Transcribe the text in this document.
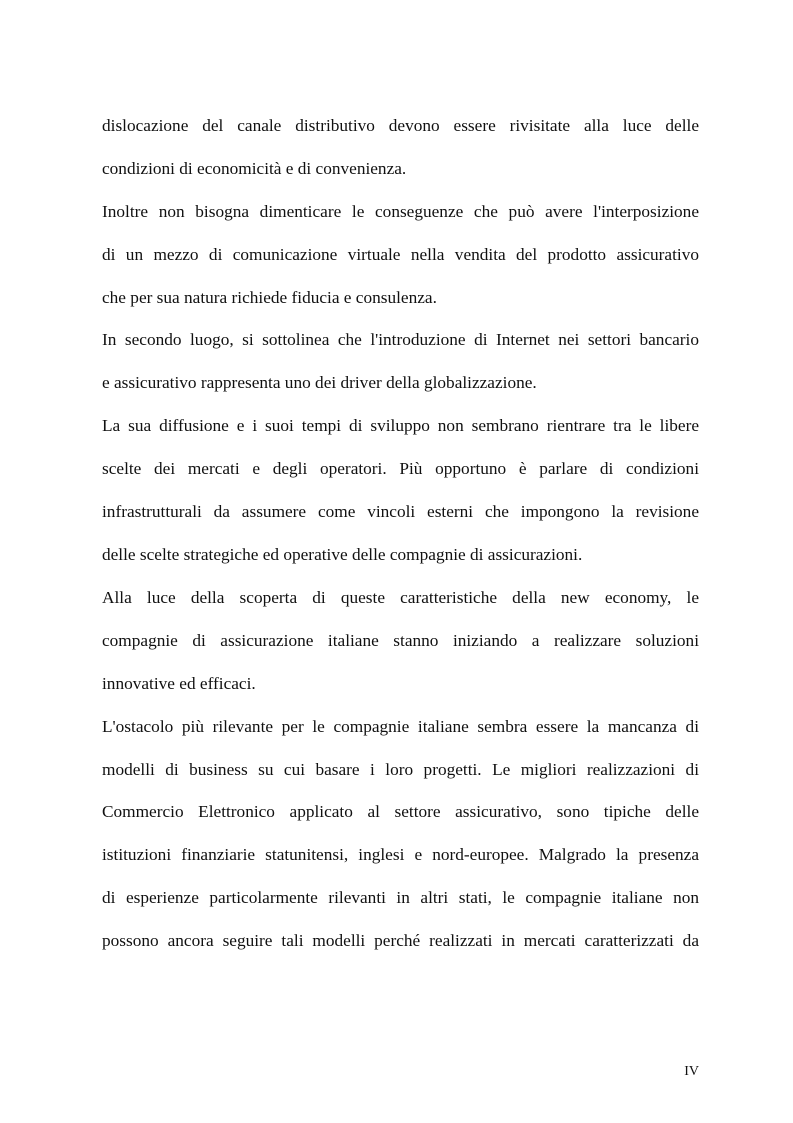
dislocazione del canale distributivo devono essere rivisitate alla luce delle
condizioni di economicità e di convenienza.
Inoltre non bisogna dimenticare le conseguenze che può avere l'interposizione
di un mezzo di comunicazione virtuale nella vendita del prodotto assicurativo
che per sua natura richiede fiducia e consulenza.
In secondo luogo, si sottolinea che l'introduzione di Internet nei settori bancario
e assicurativo rappresenta uno dei driver della globalizzazione.
La sua diffusione e i suoi tempi di sviluppo non sembrano rientrare tra le libere
scelte dei mercati e degli operatori. Più opportuno è parlare di condizioni
infrastrutturali da assumere come vincoli esterni che impongono la revisione
delle scelte strategiche ed operative delle compagnie di assicurazioni.
Alla luce della scoperta di queste caratteristiche della new economy, le
compagnie di assicurazione italiane stanno iniziando a realizzare soluzioni
innovative ed efficaci.
L'ostacolo più rilevante per le compagnie italiane sembra essere la mancanza di
modelli di business su cui basare i loro progetti. Le migliori realizzazioni di
Commercio Elettronico applicato al settore assicurativo, sono tipiche delle
istituzioni finanziarie statunitensi, inglesi e nord-europee. Malgrado la presenza
di esperienze particolarmente rilevanti in altri stati, le compagnie italiane non
possono ancora seguire tali modelli perché realizzati in mercati caratterizzati da
IV
